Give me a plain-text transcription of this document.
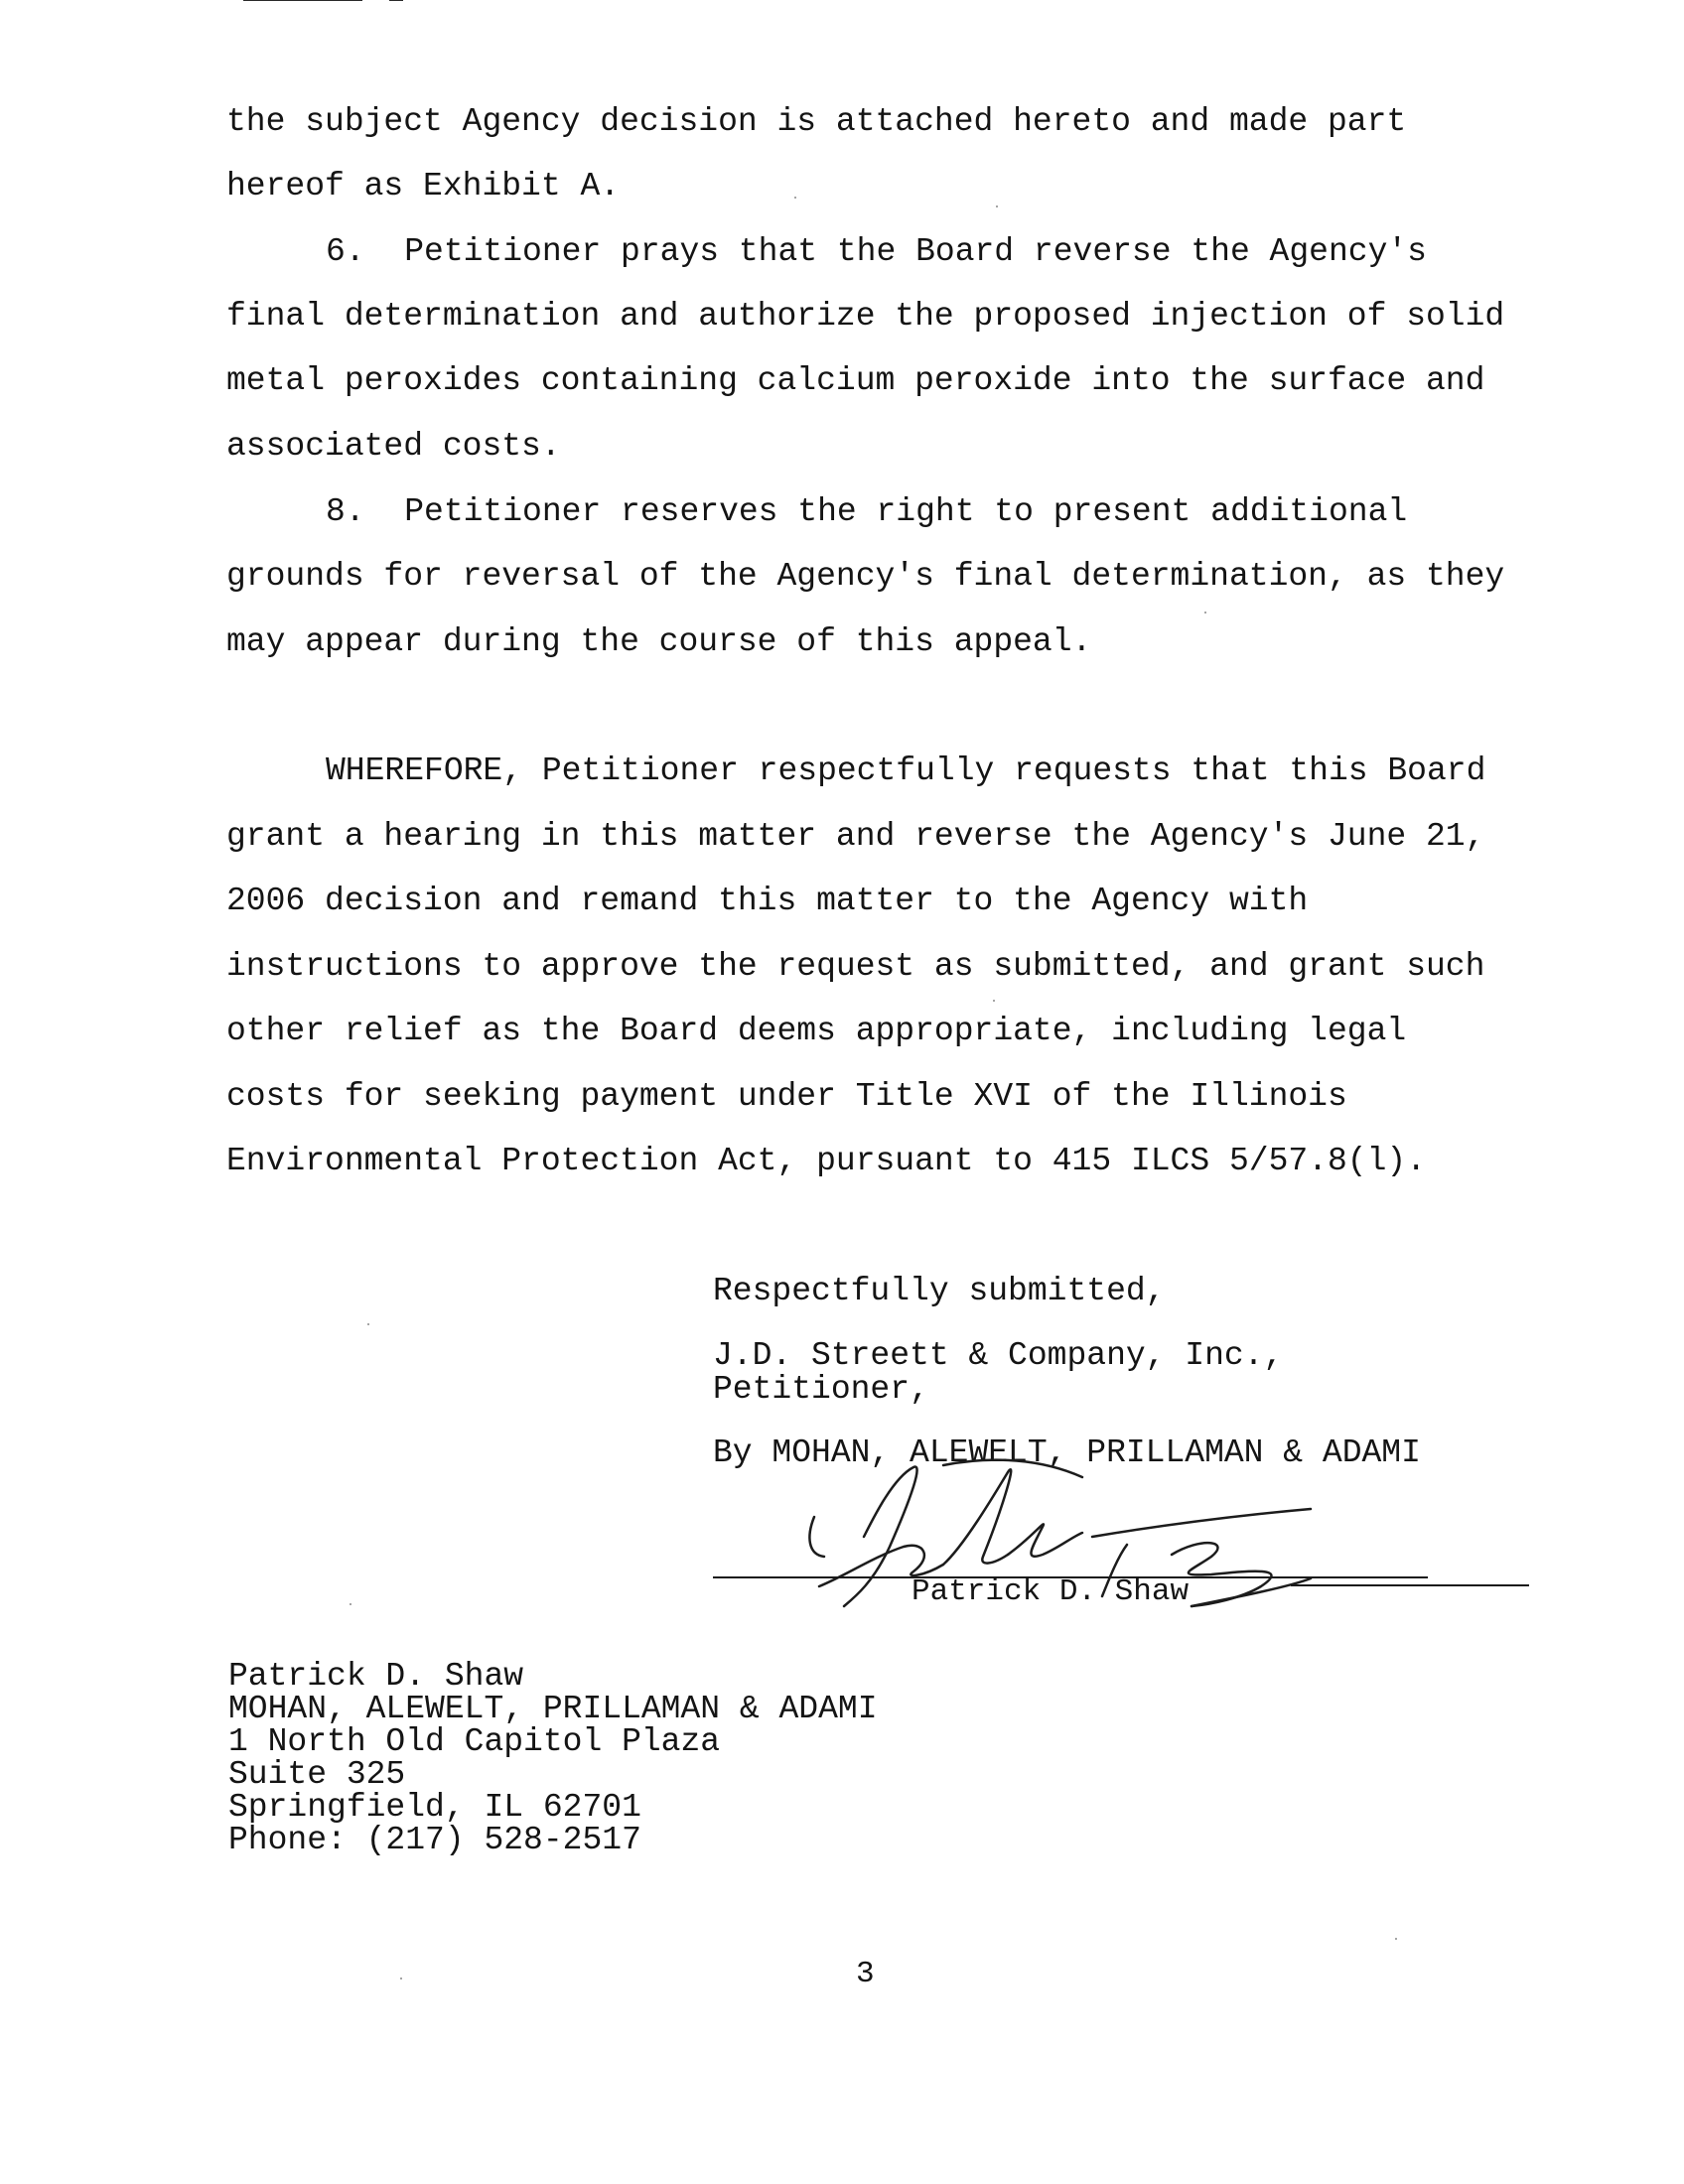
the subject Agency decision is attached hereto and made part
hereof as Exhibit A.
6.  Petitioner prays that the Board reverse the Agency's
final determination and authorize the proposed injection of solid
metal peroxides containing calcium peroxide into the surface and
associated costs.
8.  Petitioner reserves the right to present additional
grounds for reversal of the Agency's final determination, as they
may appear during the course of this appeal.
WHEREFORE, Petitioner respectfully requests that this Board
grant a hearing in this matter and reverse the Agency's June 21,
2006 decision and remand this matter to the Agency with
instructions to approve the request as submitted, and grant such
other relief as the Board deems appropriate, including legal
costs for seeking payment under Title XVI of the Illinois
Environmental Protection Act, pursuant to 415 ILCS 5/57.8(l).
Respectfully submitted,
J.D. Streett & Company, Inc.,
Petitioner,
By MOHAN, ALEWELT, PRILLAMAN & ADAMI
Patrick D. Shaw
Patrick D. Shaw
MOHAN, ALEWELT, PRILLAMAN & ADAMI
1 North Old Capitol Plaza
Suite 325
Springfield, IL 62701
Phone: (217) 528-2517
3
